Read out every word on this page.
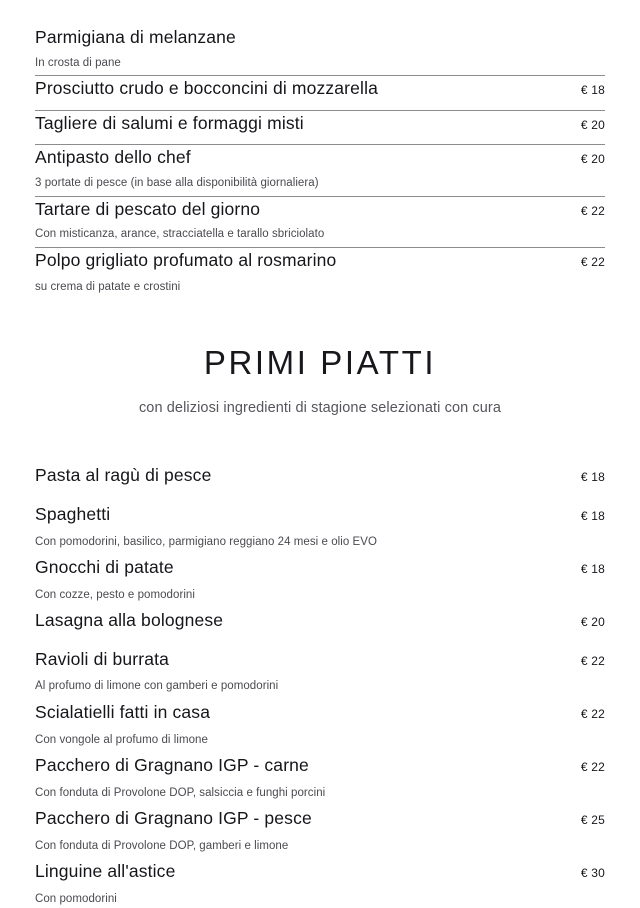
Parmigiana di melanzane
In crosta di pane
Prosciutto crudo e bocconcini di mozzarella	€ 18
Tagliere di salumi e formaggi misti	€ 20
Antipasto dello chef	€ 20
3 portate di pesce (in base alla disponibilità giornaliera)
Tartare di pescato del giorno	€ 22
Con misticanza, arance, stracciatella e tarallo sbriciolato
Polpo grigliato profumato al rosmarino	€ 22
su crema di patate e crostini
PRIMI PIATTI
con deliziosi ingredienti di stagione selezionati con cura
Pasta al ragù di pesce	€ 18
Spaghetti	€ 18
Con pomodorini, basilico, parmigiano reggiano 24 mesi e olio EVO
Gnocchi di patate	€ 18
Con cozze, pesto e pomodorini
Lasagna alla bolognese	€ 20
Ravioli di burrata	€ 22
Al profumo di limone con gamberi e pomodorini
Scialatielli fatti in casa	€ 22
Con vongole al profumo di limone
Pacchero di Gragnano IGP - carne	€ 22
Con fonduta di Provolone DOP, salsiccia e funghi porcini
Pacchero di Gragnano IGP - pesce	€ 25
Con fonduta di Provolone DOP, gamberi e limone
Linguine all'astice	€ 30
Con pomodorini
